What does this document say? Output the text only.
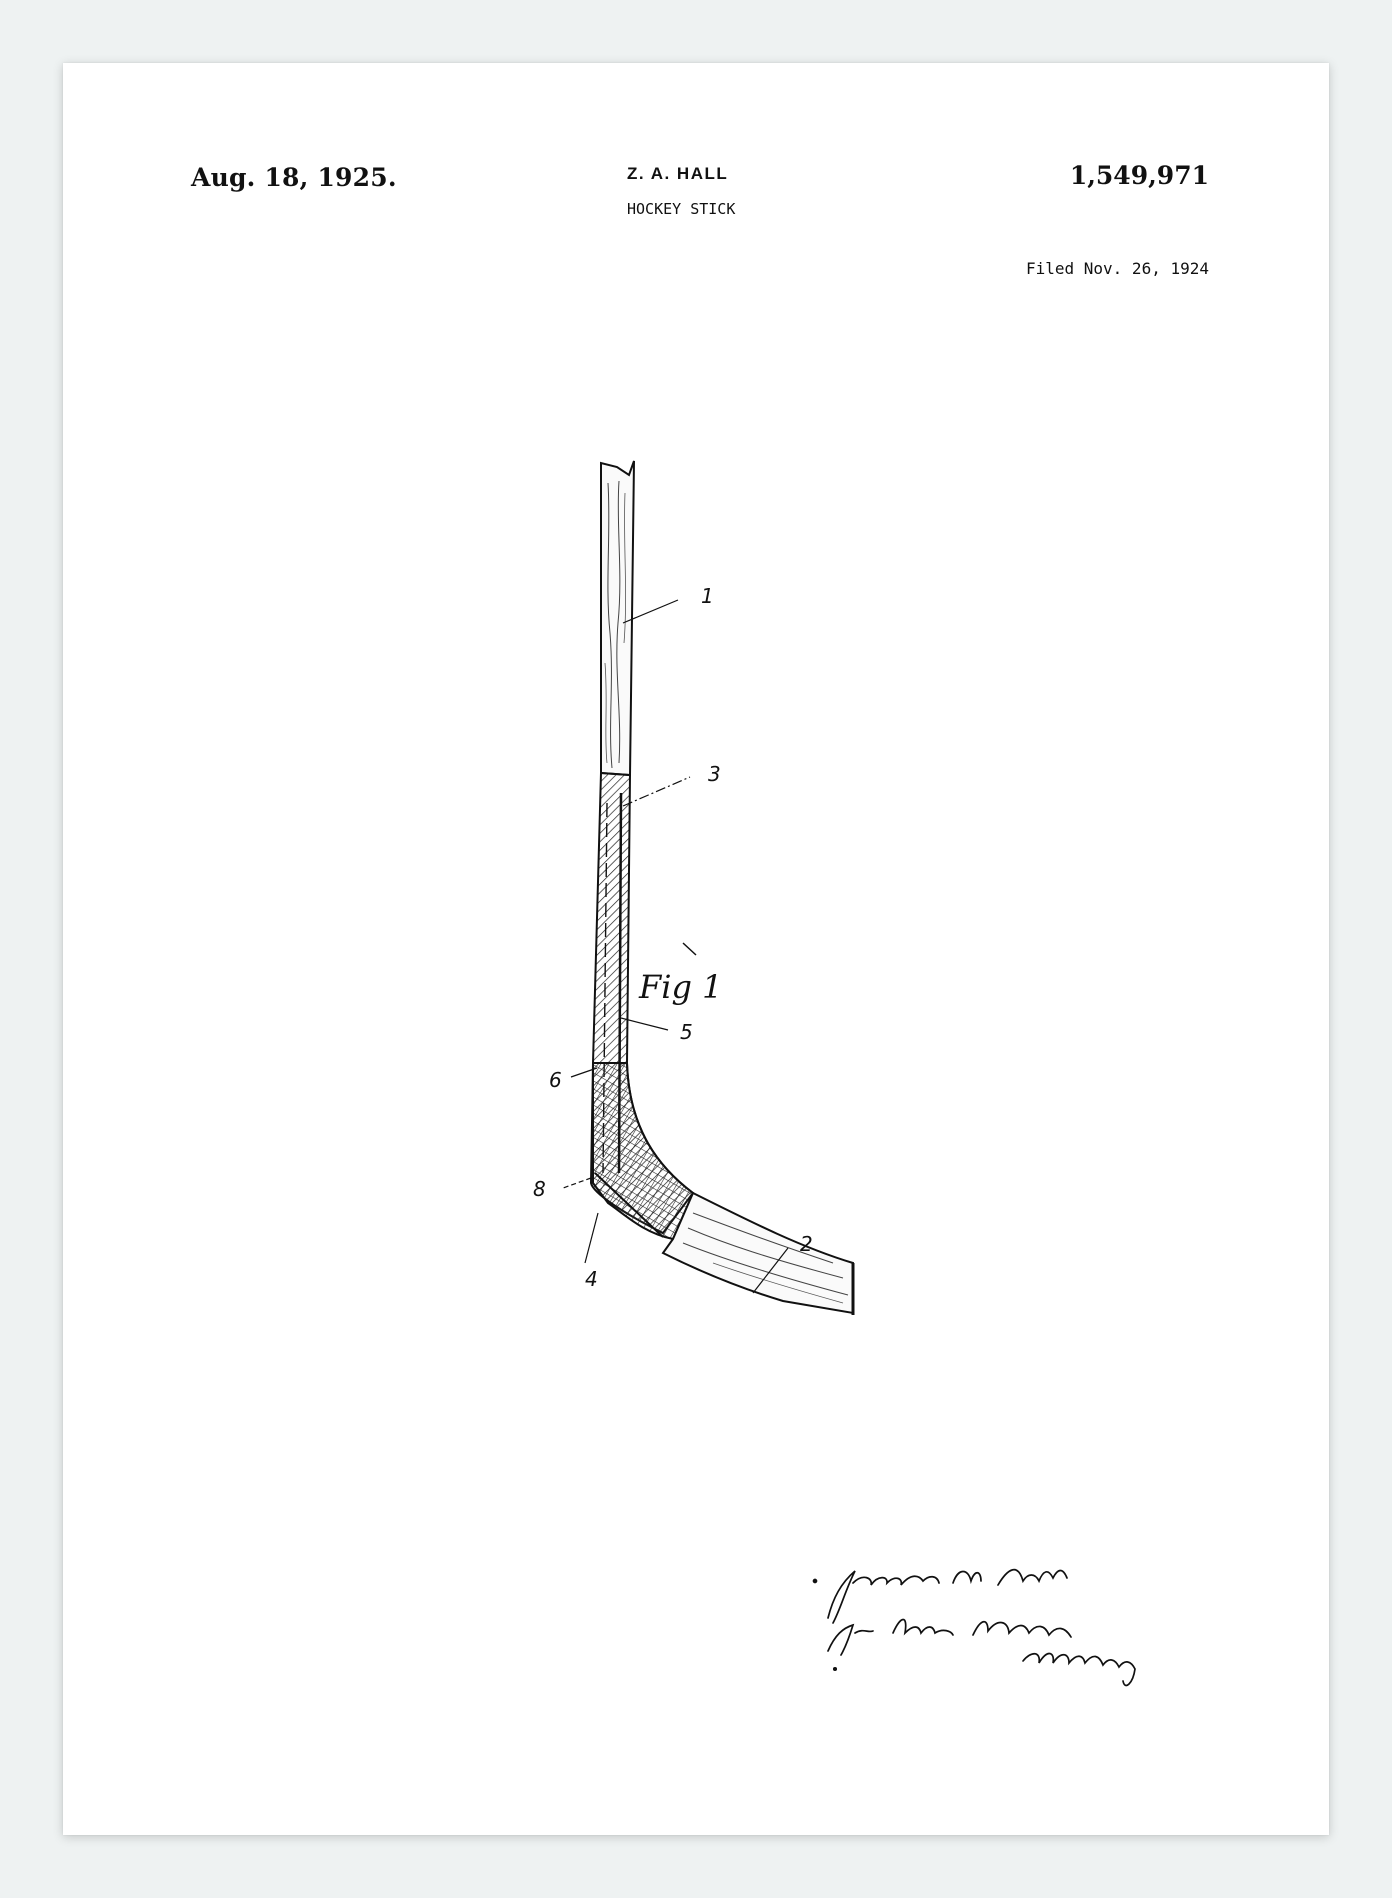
Aug. 18, 1925.	Z. A. HALL
HOCKEY STICK
1,549,971
Filed Nov. 26, 1924
1
3
5
6
8
4
2
Fig 1
